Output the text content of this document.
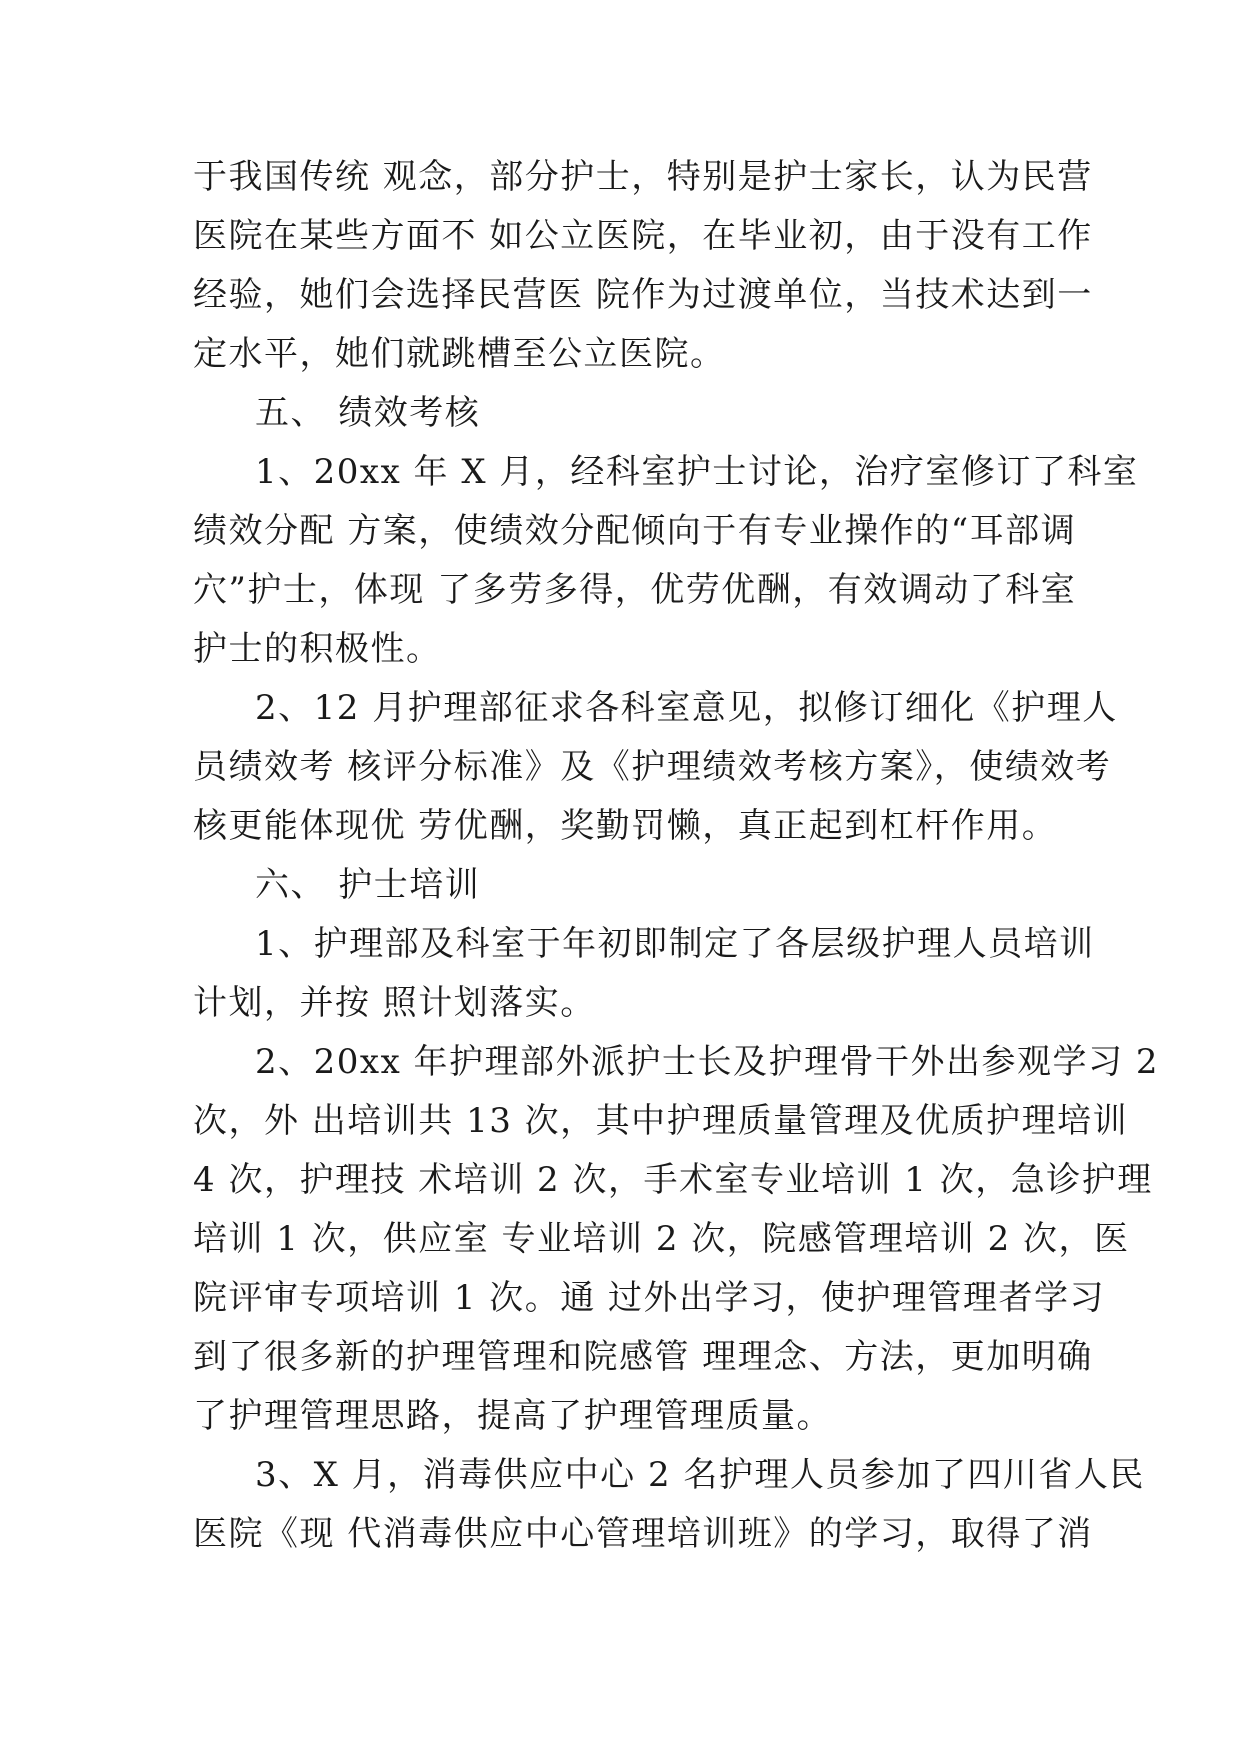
于我国传统 观念，部分护士，特别是护士家长，认为民营
医院在某些方面不 如公立医院，在毕业初，由于没有工作
经验，她们会选择民营医 院作为过渡单位，当技术达到一
定水平，她们就跳槽至公立医院。
五、 绩效考核
1、20xx 年 X 月，经科室护士讨论，治疗室修订了科室
绩效分配 方案，使绩效分配倾向于有专业操作的“耳部调
穴”护士，体现 了多劳多得，优劳优酬，有效调动了科室
护士的积极性。
2、12 月护理部征求各科室意见，拟修订细化《护理人
员绩效考 核评分标准》及《护理绩效考核方案》，使绩效考
核更能体现优 劳优酬，奖勤罚懒，真正起到杠杆作用。
六、 护士培训
1、护理部及科室于年初即制定了各层级护理人员培训
计划，并按 照计划落实。
2、20xx 年护理部外派护士长及护理骨干外出参观学习 2
次，外 出培训共 13 次，其中护理质量管理及优质护理培训
4 次，护理技 术培训 2 次，手术室专业培训 1 次，急诊护理
培训 1 次，供应室 专业培训 2 次，院感管理培训 2 次，医
院评审专项培训 1 次。通 过外出学习，使护理管理者学习
到了很多新的护理管理和院感管 理理念、方法，更加明确
了护理管理思路，提高了护理管理质量。
3、X 月，消毒供应中心 2 名护理人员参加了四川省人民
医院《现 代消毒供应中心管理培训班》的学习，取得了消
